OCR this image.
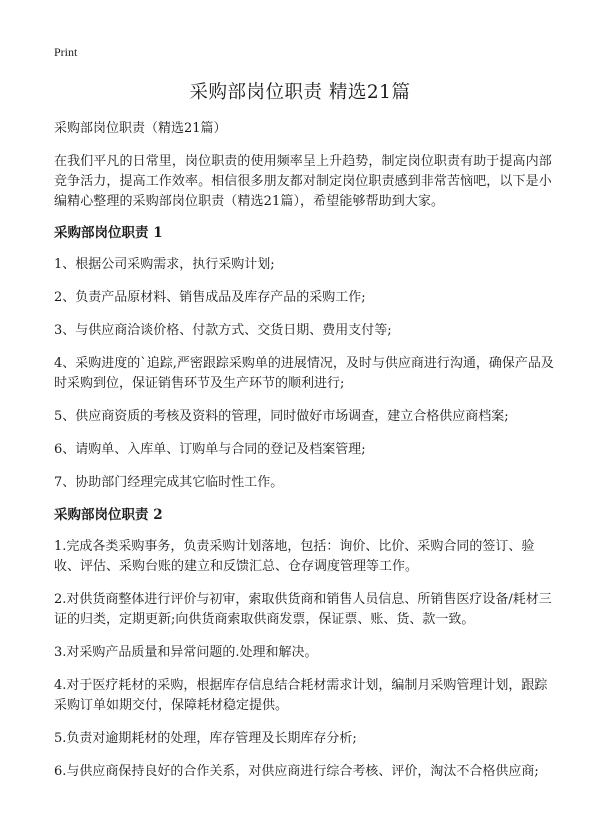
Print
采购部岗位职责 精选21篇

采购部岗位职责（精选21篇）

在我们平凡的日常里，岗位职责的使用频率呈上升趋势，制定岗位职责有助于提高内部竞争活力，提高工作效率。相信很多朋友都对制定岗位职责感到非常苦恼吧，以下是小编精心整理的采购部岗位职责（精选21篇），希望能够帮助到大家。

采购部岗位职责 1

1、根据公司采购需求，执行采购计划;

2、负责产品原材料、销售成品及库存产品的采购工作;

3、与供应商洽谈价格、付款方式、交货日期、费用支付等;

4、采购进度的`追踪,严密跟踪采购单的进展情况，及时与供应商进行沟通，确保产品及时采购到位，保证销售环节及生产环节的顺利进行;

5、供应商资质的考核及资料的管理，同时做好市场调查，建立合格供应商档案;

6、请购单、入库单、订购单与合同的登记及档案管理;

7、协助部门经理完成其它临时性工作。

采购部岗位职责 2

1.完成各类采购事务，负责采购计划落地，包括：询价、比价、采购合同的签订、验收、评估、采购台账的建立和反馈汇总、仓存调度管理等工作。

2.对供货商整体进行评价与初审，索取供货商和销售人员信息、所销售医疗设备/耗材三证的归类，定期更新;向供货商索取供商发票，保证票、账、货、款一致。

3.对采购产品质量和异常问题的.处理和解决。

4.对于医疗耗材的采购，根据库存信息结合耗材需求计划，编制月采购管理计划，跟踪采购订单如期交付，保障耗材稳定提供。

5.负责对逾期耗材的处理，库存管理及长期库存分析;

6.与供应商保持良好的合作关系，对供应商进行综合考核、评价，淘汰不合格供应商;
